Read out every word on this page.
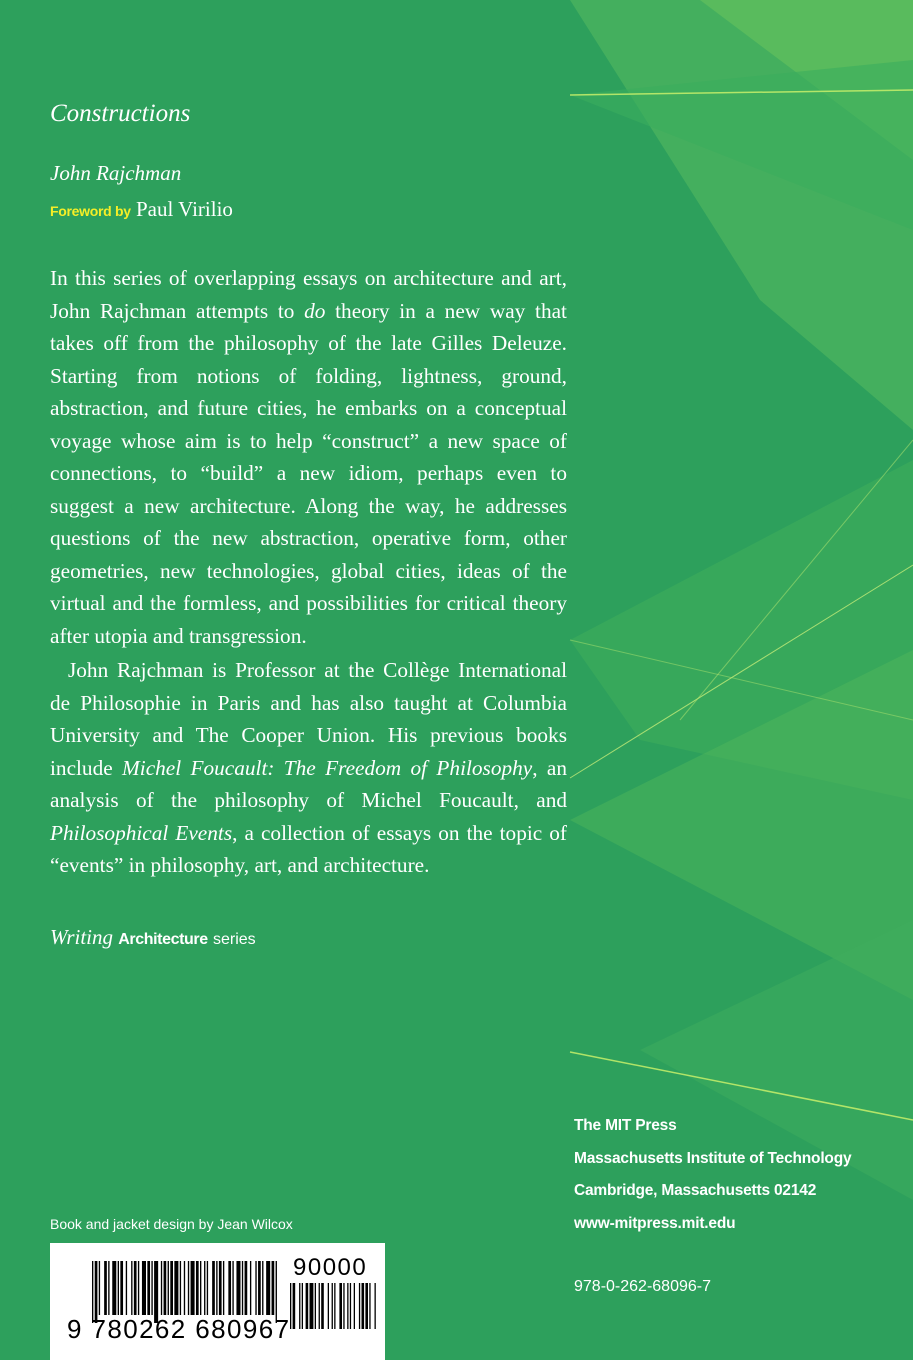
Constructions
John Rajchman
Foreword by Paul Virilio

In this series of overlapping essays on architecture and art, John Rajchman attempts to do theory in a new way that takes off from the philosophy of the late Gilles Deleuze. Starting from notions of folding, lightness, ground, abstraction, and future cities, he embarks on a conceptual voyage whose aim is to help “construct” a new space of connections, to “build” a new idiom, perhaps even to suggest a new architecture. Along the way, he addresses questions of the new abstraction, operative form, other geometries, new technologies, global cities, ideas of the virtual and the formless, and possibilities for critical theory after utopia and transgression.

John Rajchman is Professor at the Collège International de Philosophie in Paris and has also taught at Columbia University and The Cooper Union. His previous books include Michel Foucault: The Freedom of Philosophy, an analysis of the philosophy of Michel Foucault, and Philosophical Events, a collection of essays on the topic of “events” in philosophy, art, and architecture.

Writing Architecture series
The MIT Press
Massachusetts Institute of Technology
Cambridge, Massachusetts 02142
www-mitpress.mit.edu
978-0-262-68096-7
Book and jacket design by Jean Wilcox
9 780262 680967
90000
